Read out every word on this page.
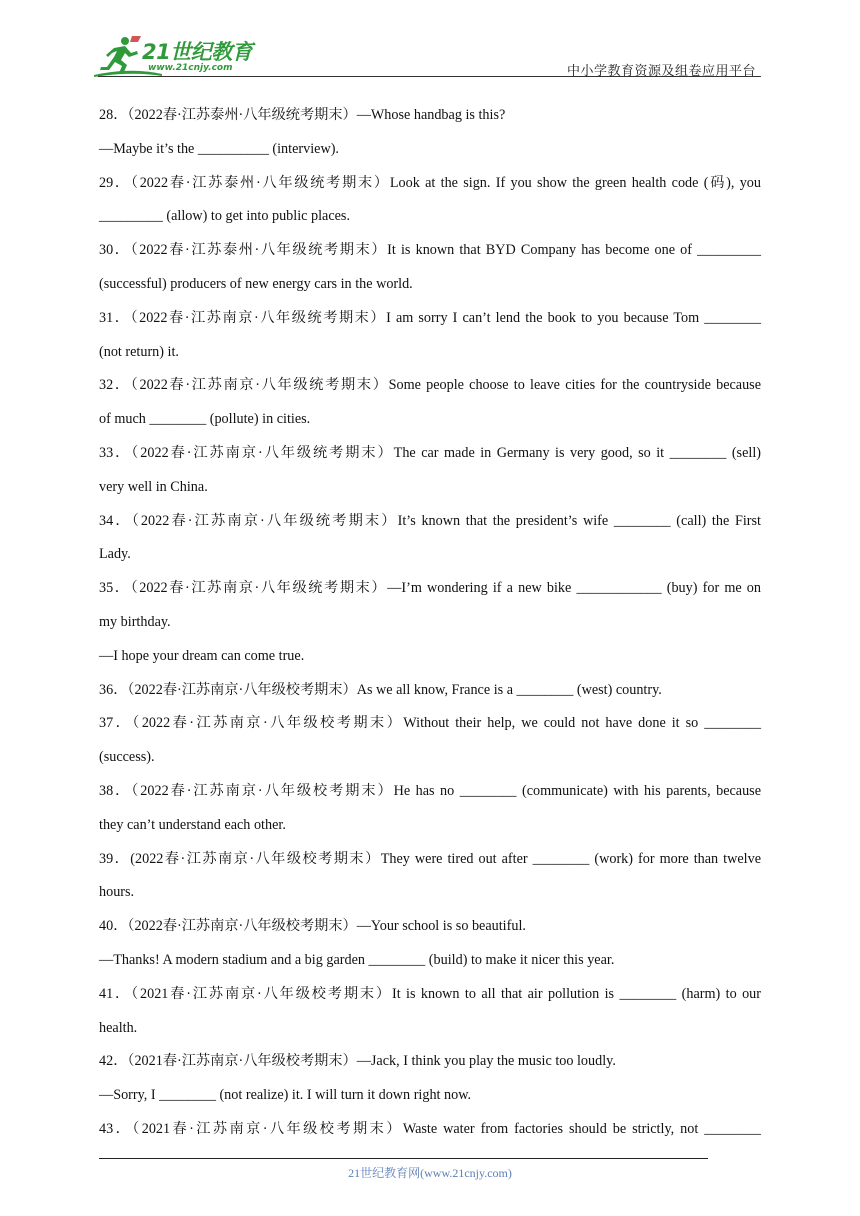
21世纪教育
www.21cnjy.com	中小学教育资源及组卷应用平台
28．（2022春·江苏泰州·八年级统考期末）—Whose handbag is this?
—Maybe it’s the __________ (interview).
29．（2022春·江苏泰州·八年级统考期末）Look at the sign. If you show the green health code (码), you
_________ (allow) to get into public places.
30．（2022春·江苏泰州·八年级统考期末）It is known that BYD Company has become one of _________
(successful) producers of new energy cars in the world.
31．（2022春·江苏南京·八年级统考期末）I am sorry I can’t lend the book to you because Tom ________
(not return) it.
32．（2022春·江苏南京·八年级统考期末）Some people choose to leave cities for the countryside because
of much ________ (pollute) in cities.
33．（2022春·江苏南京·八年级统考期末）The car made in Germany is very good, so it ________ (sell)
very well in China.
34．（2022春·江苏南京·八年级统考期末）It’s known that the president’s wife ________ (call) the First
Lady.
35．（2022春·江苏南京·八年级统考期末）—I’m wondering if a new bike ____________ (buy) for me on
my birthday.
—I hope your dream can come true.
36．（2022春·江苏南京·八年级校考期末）As we all know, France is a ________ (west) country.
37．（2022春·江苏南京·八年级校考期末）Without their help, we could not have done it so ________
(success).
38．（2022春·江苏南京·八年级校考期末）He has no ________ (communicate) with his parents, because
they can’t understand each other.
39．(2022春·江苏南京·八年级校考期末）They were tired out after ________ (work) for more than twelve
hours.
40．（2022春·江苏南京·八年级校考期末）—Your school is so beautiful.
—Thanks! A modern stadium and a big garden ________ (build) to make it nicer this year.
41．（2021春·江苏南京·八年级校考期末）It is known to all that air pollution is ________ (harm) to our
health.
42．（2021春·江苏南京·八年级校考期末）—Jack, I think you play the music too loudly.
—Sorry, I ________ (not realize) it. I will turn it down right now.
43．（2021春·江苏南京·八年级校考期末）Waste water from factories should be strictly, not ________
21世纪教育网(www.21cnjy.com)
